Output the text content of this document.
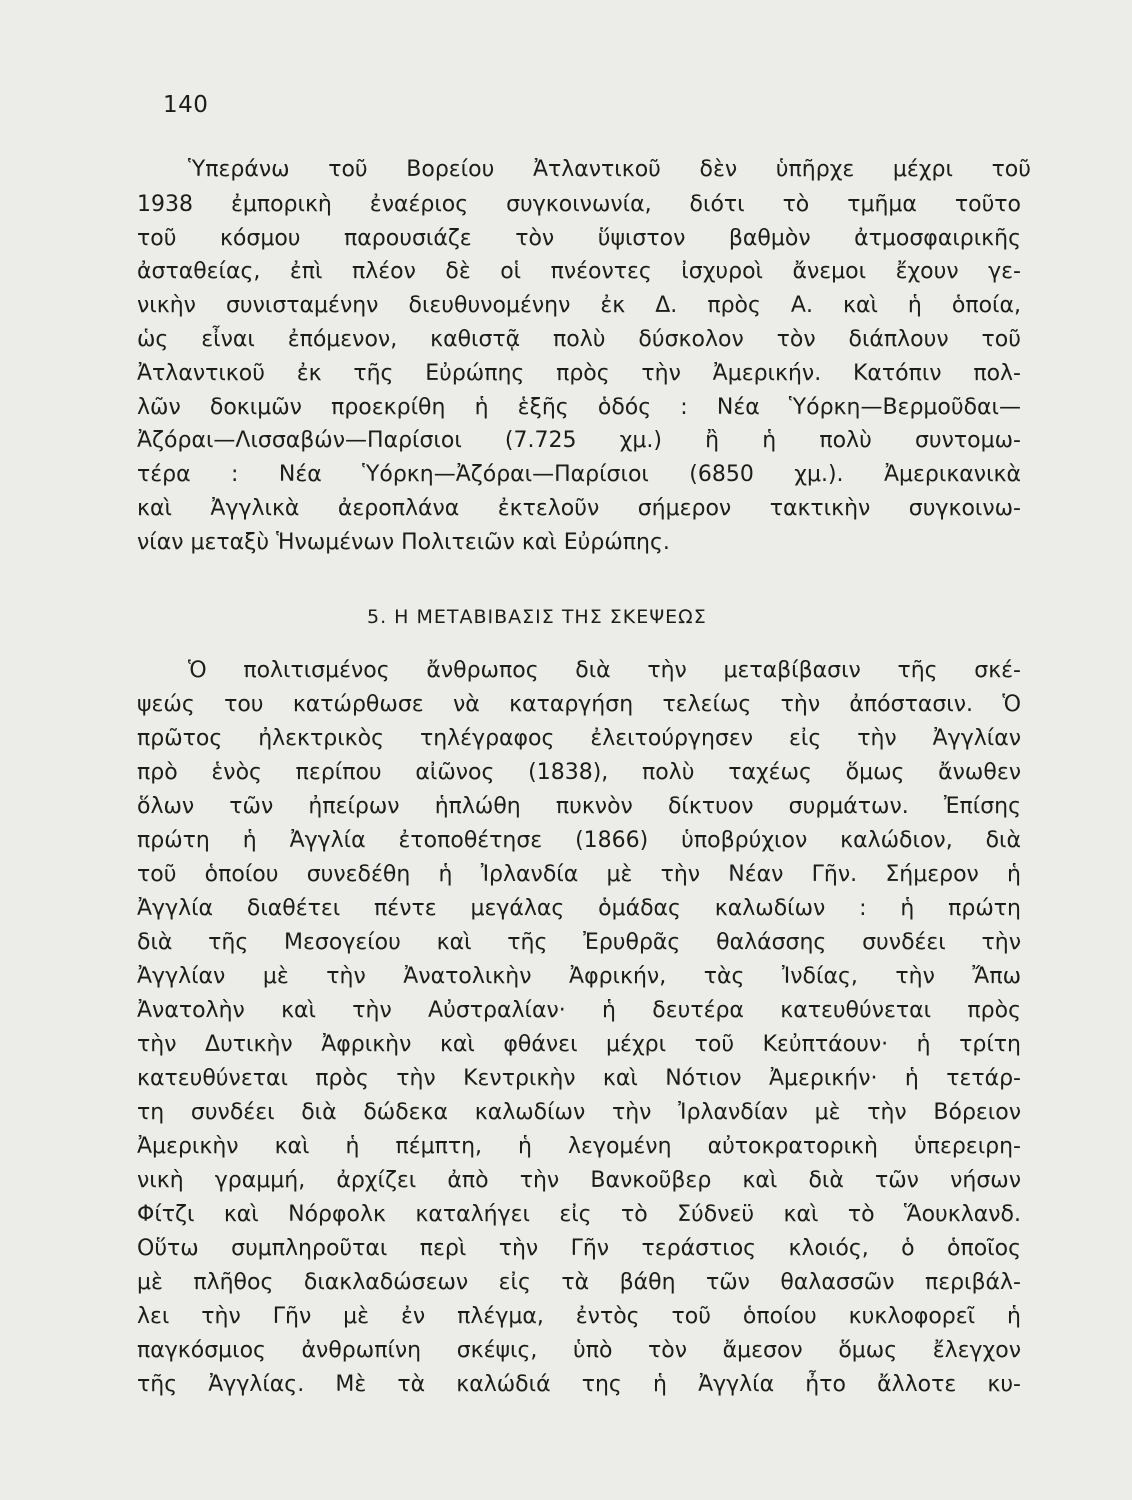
140
Ὑπεράνω τοῦ Βορείου Ἀτλαντικοῦ δὲν ὑπῆρχε μέχρι τοῦ
1938 ἐμπορικὴ ἐναέριος συγκοινωνία, διότι τὸ τμῆμα τοῦτο
τοῦ κόσμου παρουσιάζε τὸν ὕψιστον βαθμὸν ἀτμοσφαιρικῆς
ἀσταθείας, ἐπὶ πλέον δὲ οἱ πνέοντες ἰσχυροὶ ἄνεμοι ἔχουν γε-
νικὴν συνισταμένην διευθυνομένην ἐκ Δ. πρὸς Α. καὶ ἡ ὁποία,
ὡς εἶναι ἐπόμενον, καθιστᾷ πολὺ δύσκολον τὸν διάπλουν τοῦ
Ἀτλαντικοῦ ἐκ τῆς Εὐρώπης πρὸς τὴν Ἀμερικήν. Κατόπιν πολ-
λῶν δοκιμῶν προεκρίθη ἡ ἑξῆς ὁδός : Νέα Ὑόρκη—Βερμοῦδαι—
Ἀζόραι—Λισσαβών—Παρίσιοι (7.725 χμ.) ἢ ἡ πολὺ συντομω-
τέρα : Νέα Ὑόρκη—Ἀζόραι—Παρίσιοι (6850 χμ.). Ἀμερικανικὰ
καὶ Ἀγγλικὰ ἀεροπλάνα ἐκτελοῦν σήμερον τακτικὴν συγκοινω-
νίαν μεταξὺ Ἡνωμένων Πολιτειῶν καὶ Εὐρώπης.
5. Η ΜΕΤΑΒΙΒΑΣΙΣ ΤΗΣ ΣΚΕΨΕΩΣ
Ὁ πολιτισμένος ἄνθρωπος διὰ τὴν μεταβίβασιν τῆς σκέ-
ψεώς του κατώρθωσε νὰ καταργήση τελείως τὴν ἀπόστασιν. Ὁ
πρῶτος ἠλεκτρικὸς τηλέγραφος ἐλειτούργησεν εἰς τὴν Ἀγγλίαν
πρὸ ἑνὸς περίπου αἰῶνος (1838), πολὺ ταχέως ὅμως ἄνωθεν
ὅλων τῶν ἠπείρων ἡπλώθη πυκνὸν δίκτυον συρμάτων. Ἐπίσης
πρώτη ἡ Ἀγγλία ἐτοποθέτησε (1866) ὑποβρύχιον καλώδιον, διὰ
τοῦ ὁποίου συνεδέθη ἡ Ἰρλανδία μὲ τὴν Νέαν Γῆν. Σήμερον ἡ
Ἀγγλία διαθέτει πέντε μεγάλας ὁμάδας καλωδίων : ἡ πρώτη
διὰ τῆς Μεσογείου καὶ τῆς Ἐρυθρᾶς θαλάσσης συνδέει τὴν
Ἀγγλίαν μὲ τὴν Ἀνατολικὴν Ἀφρικήν, τὰς Ἰνδίας, τὴν Ἄπω
Ἀνατολὴν καὶ τὴν Αὐστραλίαν· ἡ δευτέρα κατευθύνεται πρὸς
τὴν Δυτικὴν Ἀφρικὴν καὶ φθάνει μέχρι τοῦ Κεὐπτάουν· ἡ τρίτη
κατευθύνεται πρὸς τὴν Κεντρικὴν καὶ Νότιον Ἀμερικήν· ἡ τετάρ-
τη συνδέει διὰ δώδεκα καλωδίων τὴν Ἰρλανδίαν μὲ τὴν Βόρειον
Ἀμερικὴν καὶ ἡ πέμπτη, ἡ λεγομένη αὐτοκρατορικὴ ὑπερειρη-
νικὴ γραμμή, ἀρχίζει ἀπὸ τὴν Βανκοῦβερ καὶ διὰ τῶν νήσων
Φίτζι καὶ Νόρφολκ καταλήγει εἰς τὸ Σύδνεϋ καὶ τὸ Ἅουκλανδ.
Οὕτω συμπληροῦται περὶ τὴν Γῆν τεράστιος κλοιός, ὁ ὁποῖος
μὲ πλῆθος διακλαδώσεων εἰς τὰ βάθη τῶν θαλασσῶν περιβάλ-
λει τὴν Γῆν μὲ ἐν πλέγμα, ἐντὸς τοῦ ὁποίου κυκλοφορεῖ ἡ
παγκόσμιος ἀνθρωπίνη σκέψις, ὑπὸ τὸν ἄμεσον ὅμως ἔλεγχον
τῆς Ἀγγλίας. Μὲ τὰ καλώδιά της ἡ Ἀγγλία ἦτο ἄλλοτε κυ-
